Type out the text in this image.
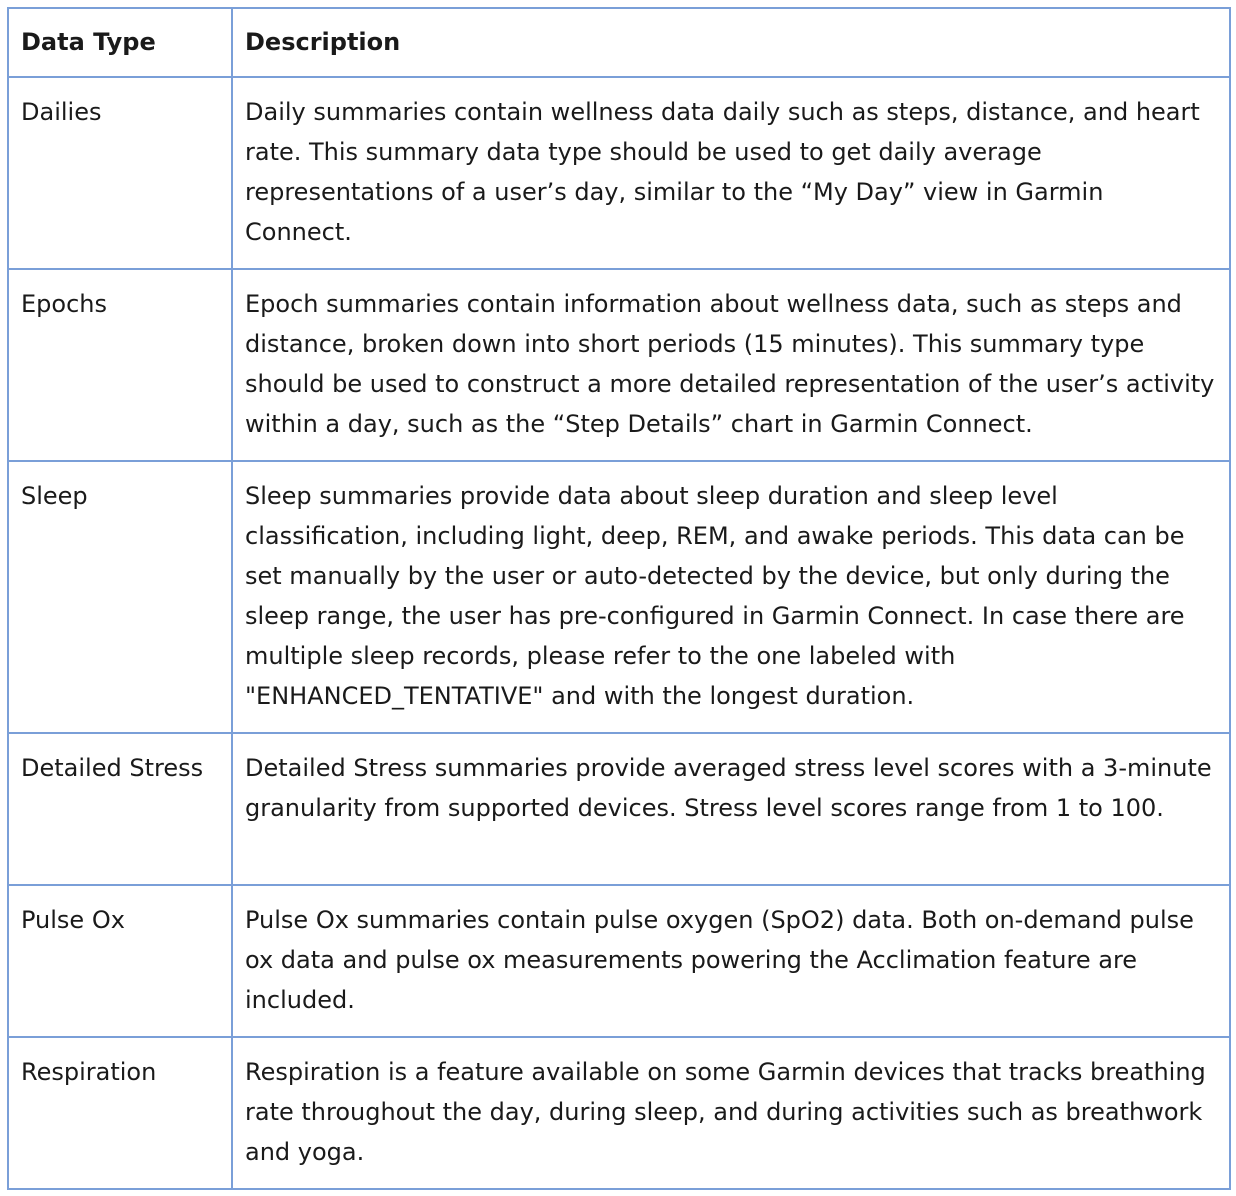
Data Type	Description
Dailies	Daily summaries contain wellness data daily such as steps, distance, and heart rate. This summary data type should be used to get daily average representations of a user’s day, similar to the “My Day” view in Garmin Connect.
Epochs	Epoch summaries contain information about wellness data, such as steps and distance, broken down into short periods (15 minutes). This summary type should be used to construct a more detailed representation of the user’s activity within a day, such as the “Step Details” chart in Garmin Connect.
Sleep	Sleep summaries provide data about sleep duration and sleep level classification, including light, deep, REM, and awake periods. This data can be set manually by the user or auto-detected by the device, but only during the sleep range, the user has pre-configured in Garmin Connect. In case there are multiple sleep records, please refer to the one labeled with "ENHANCED_TENTATIVE" and with the longest duration.
Detailed Stress	Detailed Stress summaries provide averaged stress level scores with a 3-minute granularity from supported devices. Stress level scores range from 1 to 100.
Pulse Ox	Pulse Ox summaries contain pulse oxygen (SpO2) data. Both on-demand pulse ox data and pulse ox measurements powering the Acclimation feature are included.
Respiration	Respiration is a feature available on some Garmin devices that tracks breathing rate throughout the day, during sleep, and during activities such as breathwork and yoga.
